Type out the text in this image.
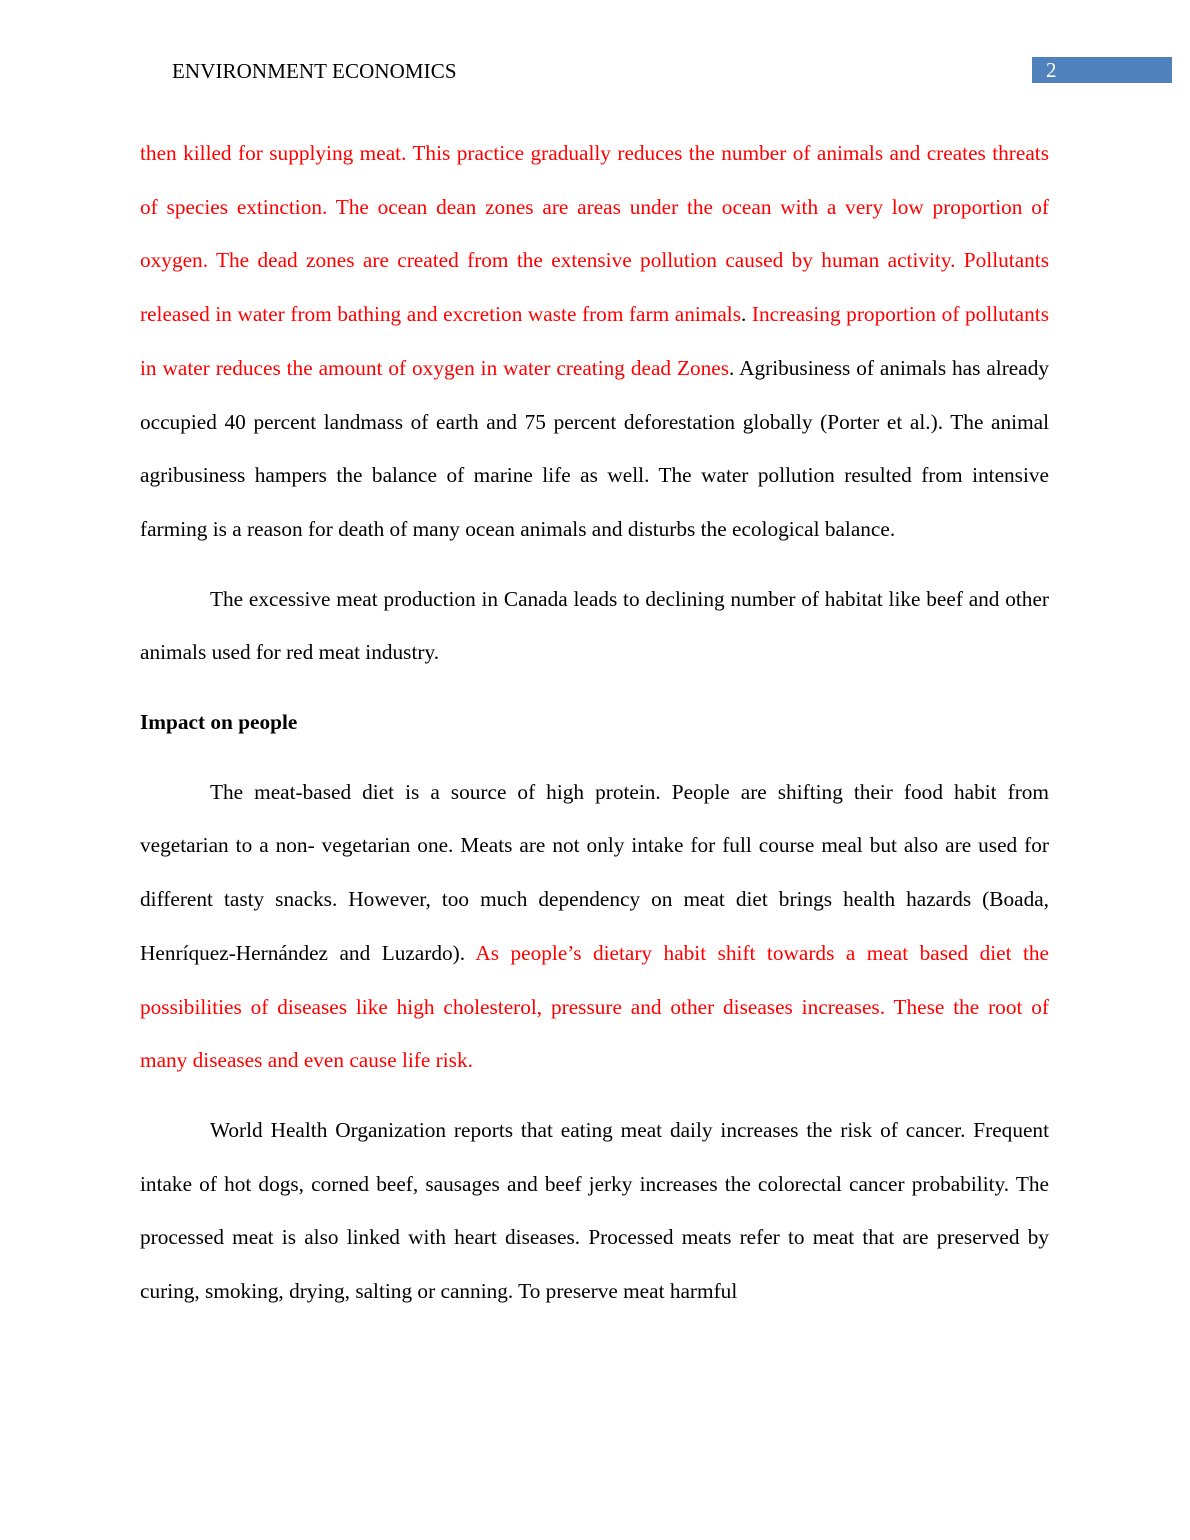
ENVIRONMENT ECONOMICS	2

then killed for supplying meat. This practice gradually reduces the number of animals and creates threats of species extinction. The ocean dean zones are areas under the ocean with a very low proportion of oxygen. The dead zones are created from the extensive pollution caused by human activity. Pollutants released in water from bathing and excretion waste from farm animals. Increasing proportion of pollutants in water reduces the amount of oxygen in water creating dead Zones. Agribusiness of animals has already occupied 40 percent landmass of earth and 75 percent deforestation globally (Porter et al.). The animal agribusiness hampers the balance of marine life as well. The water pollution resulted from intensive farming is a reason for death of many ocean animals and disturbs the ecological balance.

The excessive meat production in Canada leads to declining number of habitat like beef and other animals used for red meat industry.

Impact on people

The meat-based diet is a source of high protein. People are shifting their food habit from vegetarian to a non- vegetarian one. Meats are not only intake for full course meal but also are used for different tasty snacks. However, too much dependency on meat diet brings health hazards (Boada, Henríquez-Hernández and Luzardo). As people’s dietary habit shift towards a meat based diet the possibilities of diseases like high cholesterol, pressure and other diseases increases. These the root of many diseases and even cause life risk.

World Health Organization reports that eating meat daily increases the risk of cancer. Frequent intake of hot dogs, corned beef, sausages and beef jerky increases the colorectal cancer probability. The processed meat is also linked with heart diseases. Processed meats refer to meat that are preserved by curing, smoking, drying, salting or canning. To preserve meat harmful
